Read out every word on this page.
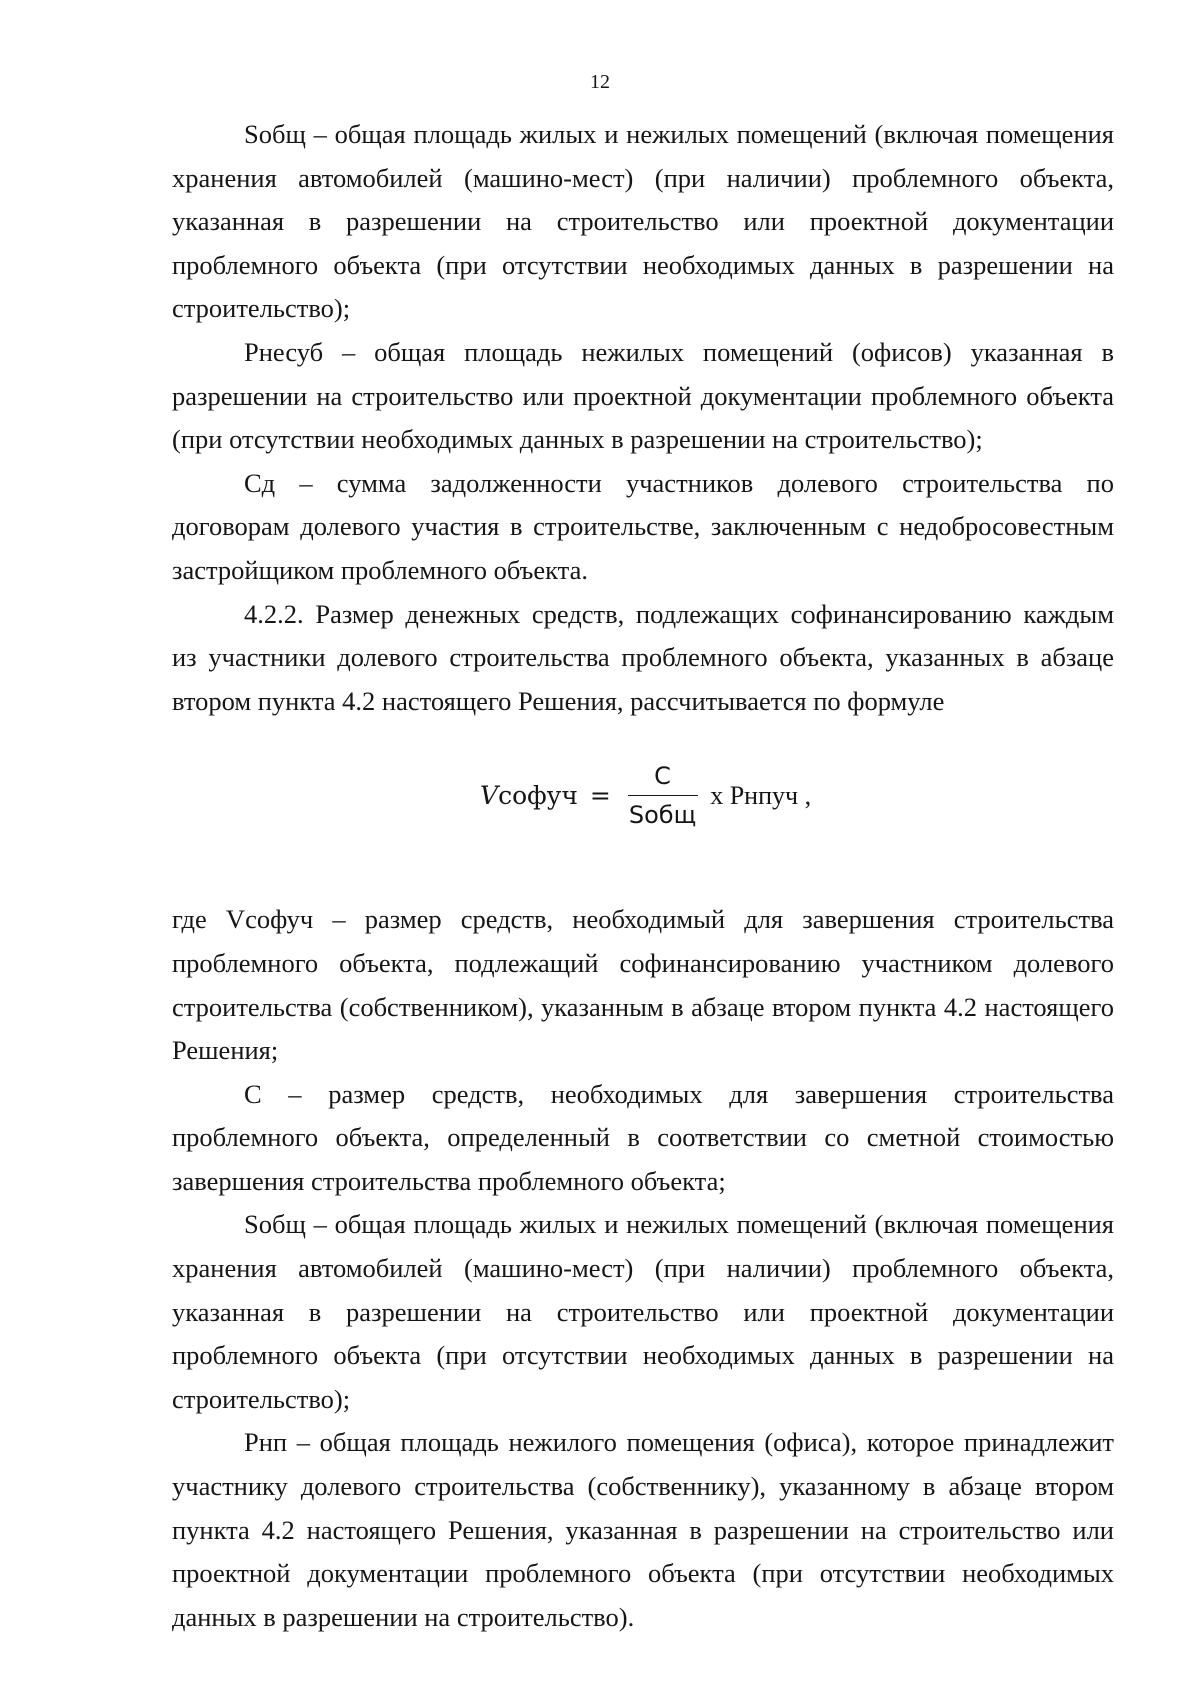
12

Sобщ – общая площадь жилых и нежилых помещений (включая помещения хранения автомобилей (машино-мест) (при наличии) проблемного объекта, указанная в разрешении на строительство или проектной документации проблемного объекта (при отсутствии необходимых данных в разрешении на строительство);

Рнесуб – общая площадь нежилых помещений (офисов) указанная в разрешении на строительство или проектной документации проблемного объекта (при отсутствии необходимых данных в разрешении на строительство);

Сд – сумма задолженности участников долевого строительства по договорам долевого участия в строительстве, заключенным с недобросовестным застройщиком проблемного объекта.

4.2.2. Размер денежных средств, подлежащих софинансированию каждым из участники долевого строительства проблемного объекта, указанных в абзаце втором пункта 4.2 настоящего Решения, рассчитывается по формуле

Vсофуч = $\frac{C}{\text{Sобщ}}$ x Рнпуч ,

где Vсофуч – размер средств, необходимый для завершения строительства проблемного объекта, подлежащий софинансированию участником долевого строительства (собственником), указанным в абзаце втором пункта 4.2 настоящего Решения;

С – размер средств, необходимых для завершения строительства проблемного объекта, определенный в соответствии со сметной стоимостью завершения строительства проблемного объекта;

Sобщ – общая площадь жилых и нежилых помещений (включая помещения хранения автомобилей (машино-мест) (при наличии) проблемного объекта, указанная в разрешении на строительство или проектной документации проблемного объекта (при отсутствии необходимых данных в разрешении на строительство);

Рнп – общая площадь нежилого помещения (офиса), которое принадлежит участнику долевого строительства (собственнику), указанному в абзаце втором пункта 4.2 настоящего Решения, указанная в разрешении на строительство или проектной документации проблемного объекта (при отсутствии необходимых данных в разрешении на строительство).
